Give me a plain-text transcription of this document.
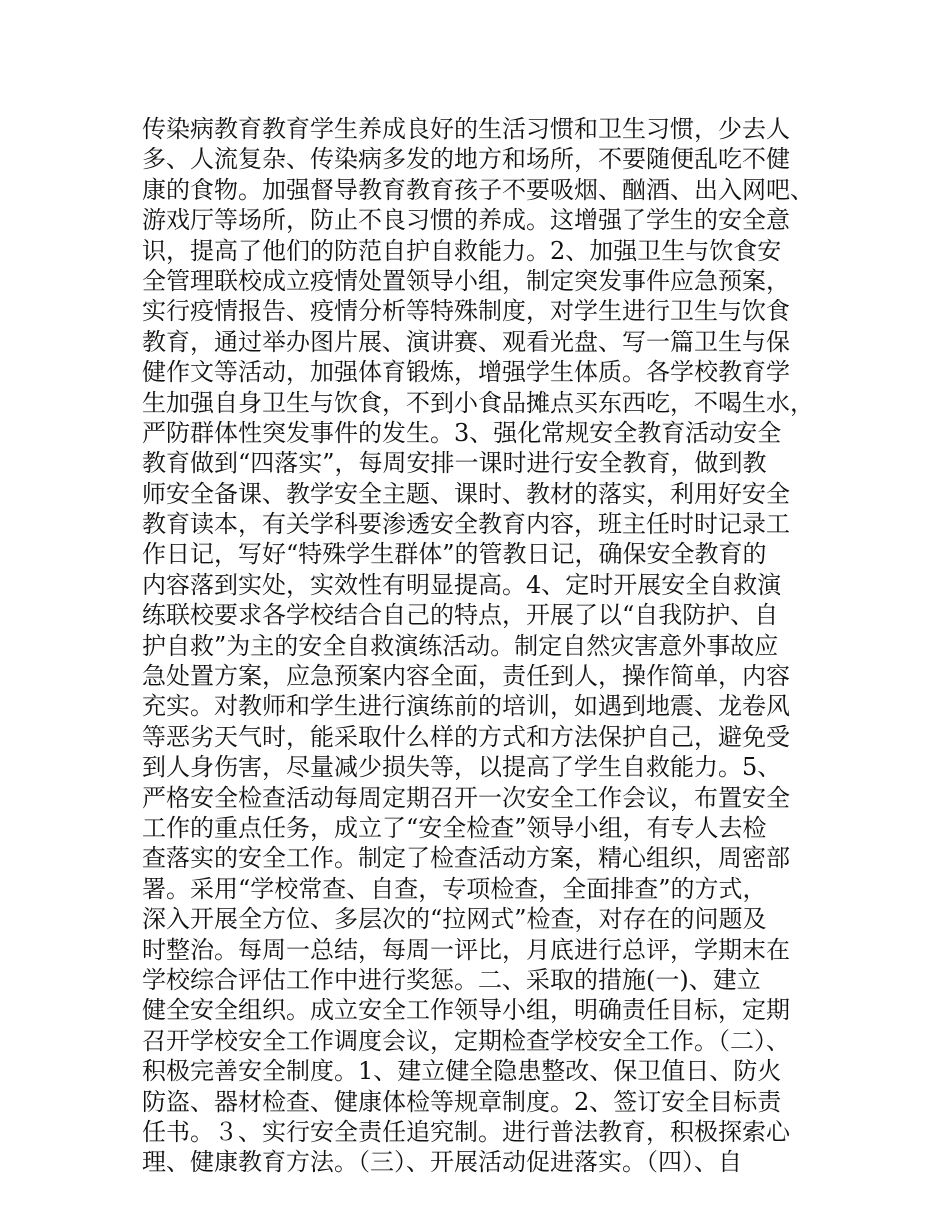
传染病教育教育学生养成良好的生活习惯和卫生习惯，少去人
多、人流复杂、传染病多发的地方和场所，不要随便乱吃不健
康的食物。加强督导教育教育孩子不要吸烟、酗酒、出入网吧、
游戏厅等场所，防止不良习惯的养成。这增强了学生的安全意
识，提高了他们的防范自护自救能力。2、加强卫生与饮食安
全管理联校成立疫情处置领导小组，制定突发事件应急预案，
实行疫情报告、疫情分析等特殊制度，对学生进行卫生与饮食
教育，通过举办图片展、演讲赛、观看光盘、写一篇卫生与保
健作文等活动，加强体育锻炼，增强学生体质。各学校教育学
生加强自身卫生与饮食，不到小食品摊点买东西吃，不喝生水，
严防群体性突发事件的发生。3、强化常规安全教育活动安全
教育做到“四落实”，每周安排一课时进行安全教育，做到教
师安全备课、教学安全主题、课时、教材的落实，利用好安全
教育读本，有关学科要渗透安全教育内容，班主任时时记录工
作日记，写好“特殊学生群体”的管教日记，确保安全教育的
内容落到实处，实效性有明显提高。4、定时开展安全自救演
练联校要求各学校结合自己的特点，开展了以“自我防护、自
护自救”为主的安全自救演练活动。制定自然灾害意外事故应
急处置方案，应急预案内容全面，责任到人，操作简单，内容
充实。对教师和学生进行演练前的培训，如遇到地震、龙卷风
等恶劣天气时，能采取什么样的方式和方法保护自己，避免受
到人身伤害，尽量减少损失等，以提高了学生自救能力。5、
严格安全检查活动每周定期召开一次安全工作会议，布置安全
工作的重点任务，成立了“安全检查”领导小组，有专人去检
查落实的安全工作。制定了检查活动方案，精心组织，周密部
署。采用“学校常查、自查，专项检查，全面排查”的方式，
深入开展全方位、多层次的“拉网式”检查，对存在的问题及
时整治。每周一总结，每周一评比，月底进行总评，学期末在
学校综合评估工作中进行奖惩。二、采取的措施(一)、建立
健全安全组织。成立安全工作领导小组，明确责任目标，定期
召开学校安全工作调度会议，定期检查学校安全工作。（二）、
积极完善安全制度。1、建立健全隐患整改、保卫值日、防火
防盗、器材检查、健康体检等规章制度。2、签订安全目标责
任书。３、实行安全责任追究制。进行普法教育，积极探索心
理、健康教育方法。（三）、开展活动促进落实。（四）、自
